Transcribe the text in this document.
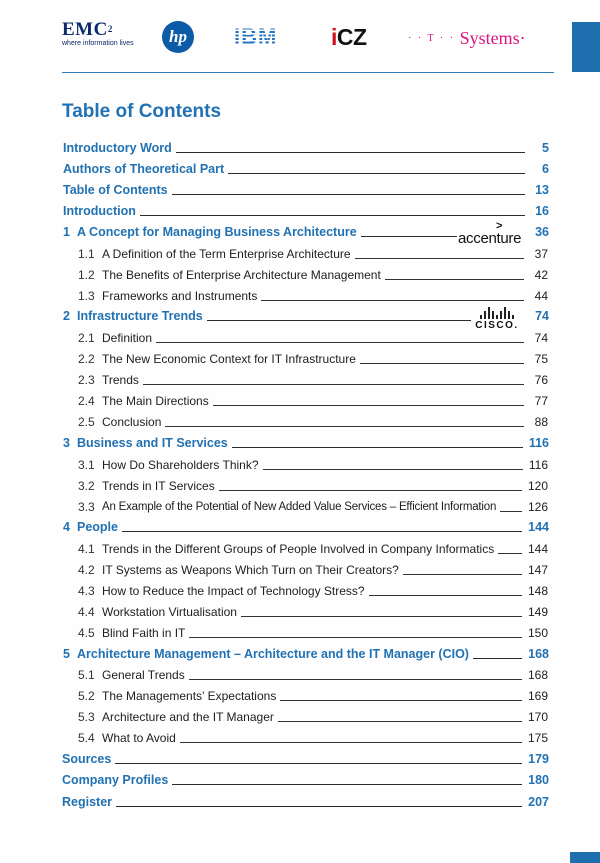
EMC$^2$
where information lives hp IBM i CZ	· · T · ·
Systems·
Table of Contents
Introductory Word	5
Authors of Theoretical Part	6
Table of Contents	13
Introduction	16
1 A Concept for Managing Business Architecture	36
1.1 A Definition of the Term Enterprise Architecture	37
1.2 The Benefits of Enterprise Architecture Management	42
1.3 Frameworks and Instruments	44
2 Infrastructure Trends	74
2.1 Definition	74
2.2 The New Economic Context for IT Infrastructure	75
2.3 Trends	76
2.4 The Main Directions	77
2.5 Conclusion	88
3 Business and IT Services	116
3.1 How Do Shareholders Think?	116
3.2 Trends in IT Services	120
3.3 An Example of the Potential of New Added Value Services – Efficient Information	126
4 People	144
4.1 Trends in the Different Groups of People Involved in Company Informatics	144
4.2 IT Systems as Weapons Which Turn on Their Creators?	147
4.3 How to Reduce the Impact of Technology Stress?	148
4.4 Workstation Virtualisation	149
4.5 Blind Faith in IT	150
5 Architecture Management – Architecture and the IT Manager (CIO)	168
5.1 General Trends	168
5.2 The Managements’ Expectations	169
5.3 Architecture and the IT Manager	170
5.4 What to Avoid	175
Sources	179
Company Profiles	180
Register	207
>
accenture
CISCO.
